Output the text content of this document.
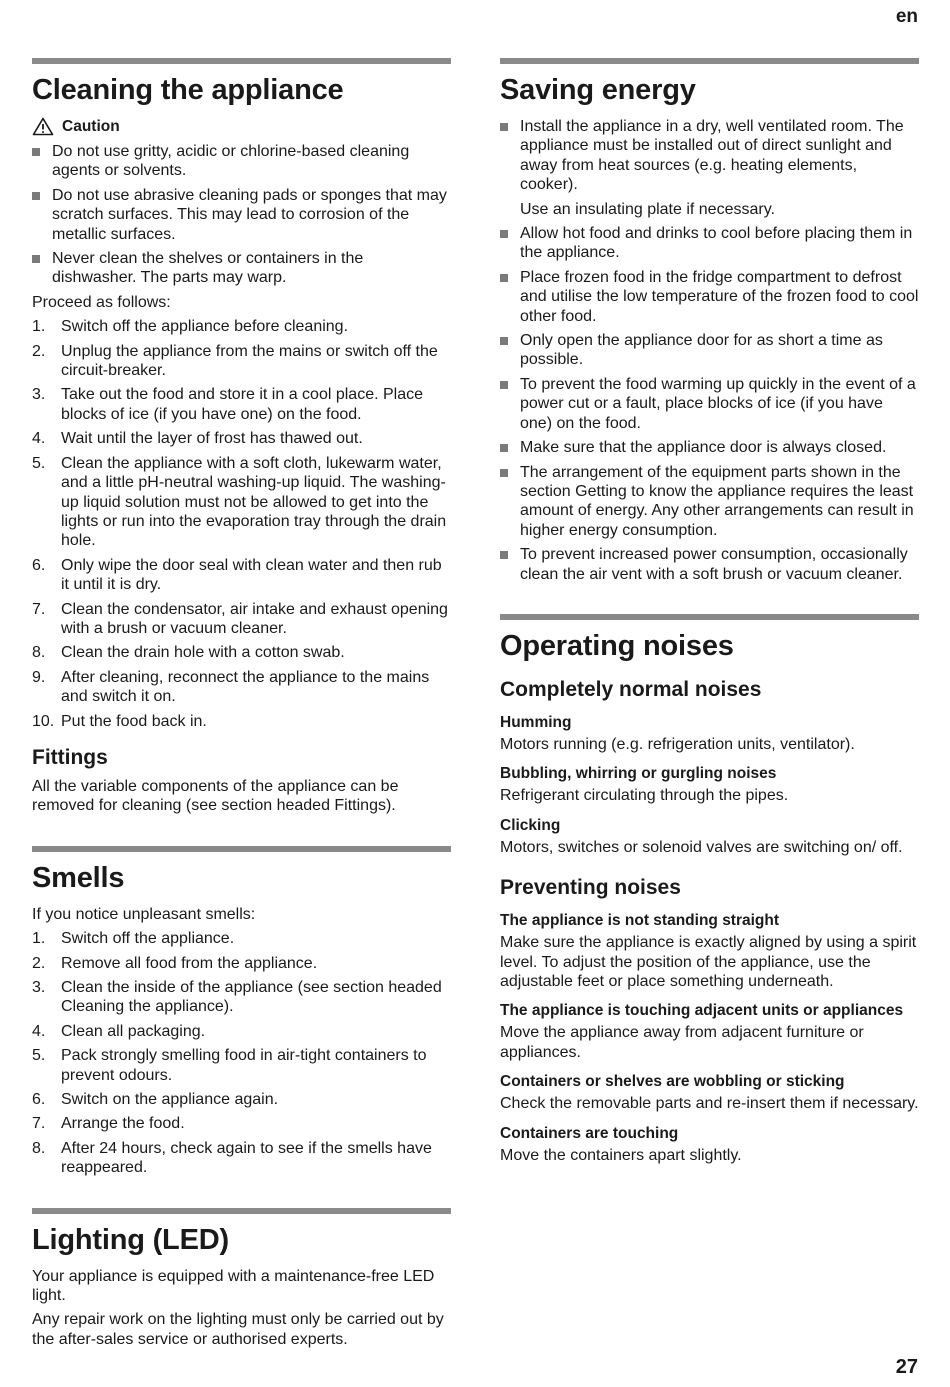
en
Cleaning the appliance
Caution
Do not use gritty, acidic or chlorine-based cleaning agents or solvents.
Do not use abrasive cleaning pads or sponges that may scratch surfaces. This may lead to corrosion of the metallic surfaces.
Never clean the shelves or containers in the dishwasher. The parts may warp.

Proceed as follows:

1. Switch off the appliance before cleaning.
2. Unplug the appliance from the mains or switch off the circuit-breaker.
3. Take out the food and store it in a cool place. Place blocks of ice (if you have one) on the food.
4. Wait until the layer of frost has thawed out.
5. Clean the appliance with a soft cloth, lukewarm water, and a little pH-neutral washing-up liquid. The washing-up liquid solution must not be allowed to get into the lights or run into the evaporation tray through the drain hole.
6. Only wipe the door seal with clean water and then rub it until it is dry.
7. Clean the condensator, air intake and exhaust opening with a brush or vacuum cleaner.
8. Clean the drain hole with a cotton swab.
9. After cleaning, reconnect the appliance to the mains and switch it on.
10. Put the food back in.
Fittings

All the variable components of the appliance can be removed for cleaning (see section headed Fittings).

Smells

If you notice unpleasant smells:

1. Switch off the appliance.
2. Remove all food from the appliance.
3. Clean the inside of the appliance (see section headed Cleaning the appliance).
4. Clean all packaging.
5. Pack strongly smelling food in air-tight containers to prevent odours.
6. Switch on the appliance again.
7. Arrange the food.
8. After 24 hours, check again to see if the smells have reappeared.
Lighting (LED)

Your appliance is equipped with a maintenance-free LED light.

Any repair work on the lighting must only be carried out by the after-sales service or authorised experts.

Saving energy
Install the appliance in a dry, well ventilated room. The appliance must be installed out of direct sunlight and away from heat sources (e.g. heating elements, cooker).
Use an insulating plate if necessary.
Allow hot food and drinks to cool before placing them in the appliance.
Place frozen food in the fridge compartment to defrost and utilise the low temperature of the frozen food to cool other food.
Only open the appliance door for as short a time as possible.
To prevent the food warming up quickly in the event of a power cut or a fault, place blocks of ice (if you have one) on the food.
Make sure that the appliance door is always closed.
The arrangement of the equipment parts shown in the section Getting to know the appliance requires the least amount of energy. Any other arrangements can result in higher energy consumption.
To prevent increased power consumption, occasionally clean the air vent with a soft brush or vacuum cleaner.
Operating noises
Completely normal noises
Humming

Motors running (e.g. refrigeration units, ventilator).

Bubbling, whirring or gurgling noises

Refrigerant circulating through the pipes.

Clicking

Motors, switches or solenoid valves are switching on/ off.

Preventing noises
The appliance is not standing straight

Make sure the appliance is exactly aligned by using a spirit level. To adjust the position of the appliance, use the adjustable feet or place something underneath.

The appliance is touching adjacent units or appliances

Move the appliance away from adjacent furniture or appliances.

Containers or shelves are wobbling or sticking

Check the removable parts and re-insert them if necessary.

Containers are touching

Move the containers apart slightly.

27
